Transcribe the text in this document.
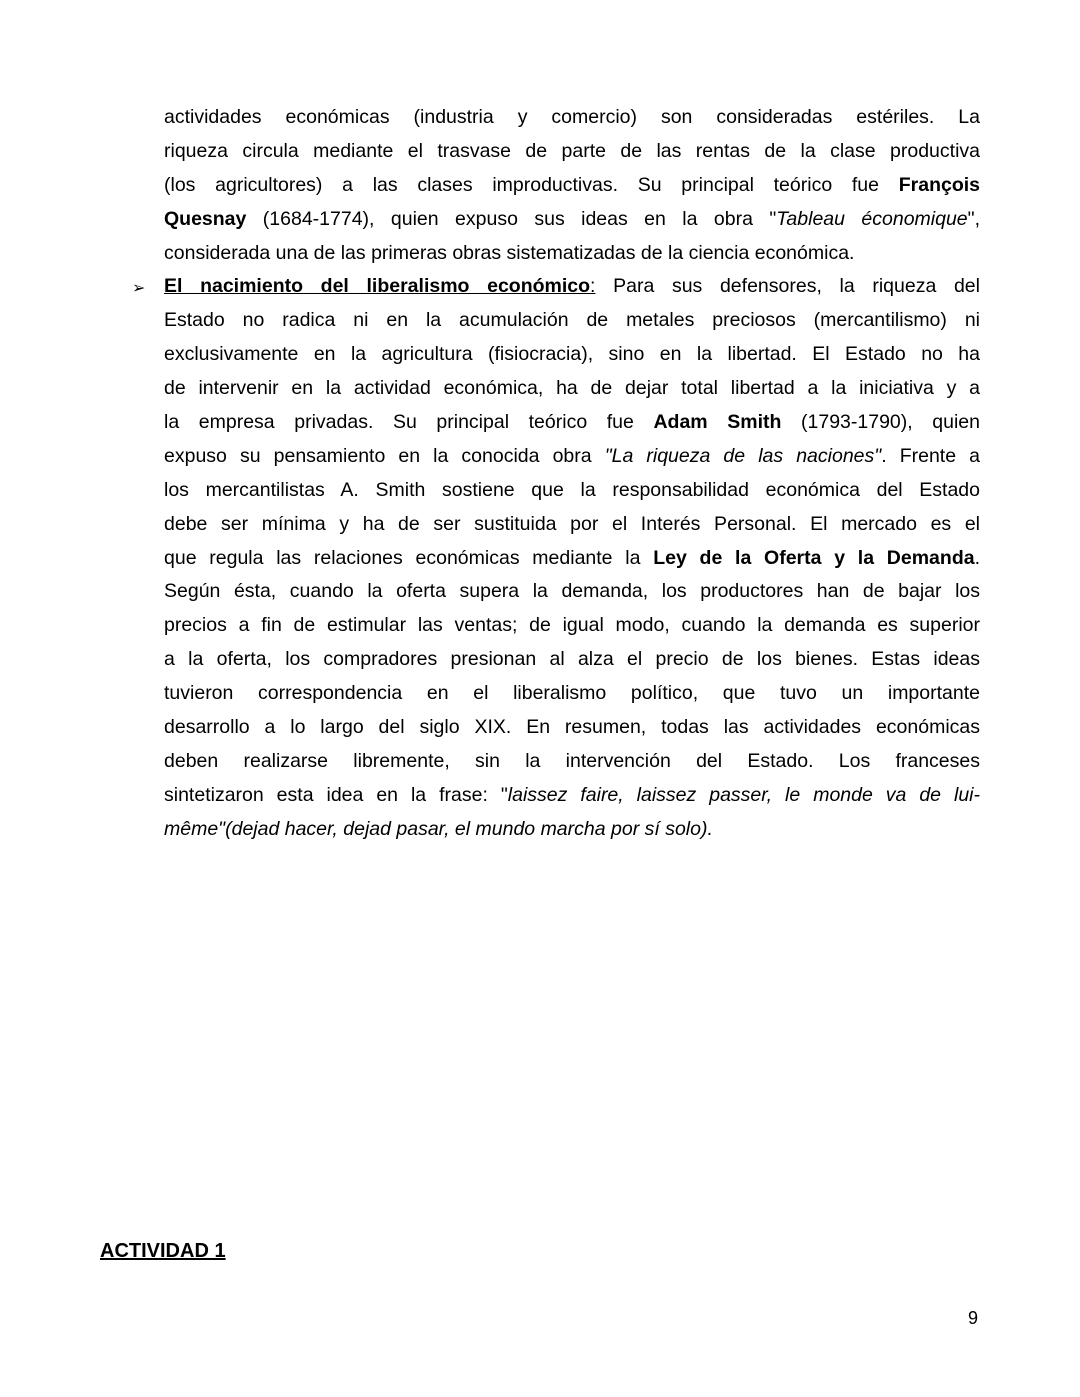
actividades económicas (industria y comercio) son consideradas estériles. La
riqueza circula mediante el trasvase de parte de las rentas de la clase productiva
(los agricultores) a las clases improductivas. Su principal teórico fue François
Quesnay (1684-1774), quien expuso sus ideas en la obra "Tableau économique",
considerada una de las primeras obras sistematizadas de la ciencia económica.
El nacimiento del liberalismo económico: Para sus defensores, la riqueza del
Estado no radica ni en la acumulación de metales preciosos (mercantilismo) ni
exclusivamente en la agricultura (fisiocracia), sino en la libertad. El Estado no ha
de intervenir en la actividad económica, ha de dejar total libertad a la iniciativa y a
la empresa privadas. Su principal teórico fue Adam Smith (1793-1790), quien
expuso su pensamiento en la conocida obra "La riqueza de las naciones". Frente a
los mercantilistas A. Smith sostiene que la responsabilidad económica del Estado
debe ser mínima y ha de ser sustituida por el Interés Personal. El mercado es el
que regula las relaciones económicas mediante la Ley de la Oferta y la Demanda.
Según ésta, cuando la oferta supera la demanda, los productores han de bajar los
precios a fin de estimular las ventas; de igual modo, cuando la demanda es superior
a la oferta, los compradores presionan al alza el precio de los bienes. Estas ideas
tuvieron correspondencia en el liberalismo político, que tuvo un importante
desarrollo a lo largo del siglo XIX. En resumen, todas las actividades económicas
deben realizarse libremente, sin la intervención del Estado. Los franceses
sintetizaron esta idea en la frase: "laissez faire, laissez passer, le monde va de lui-
même"(dejad hacer, dejad pasar, el mundo marcha por sí solo).
➢
ACTIVIDAD 1
9
